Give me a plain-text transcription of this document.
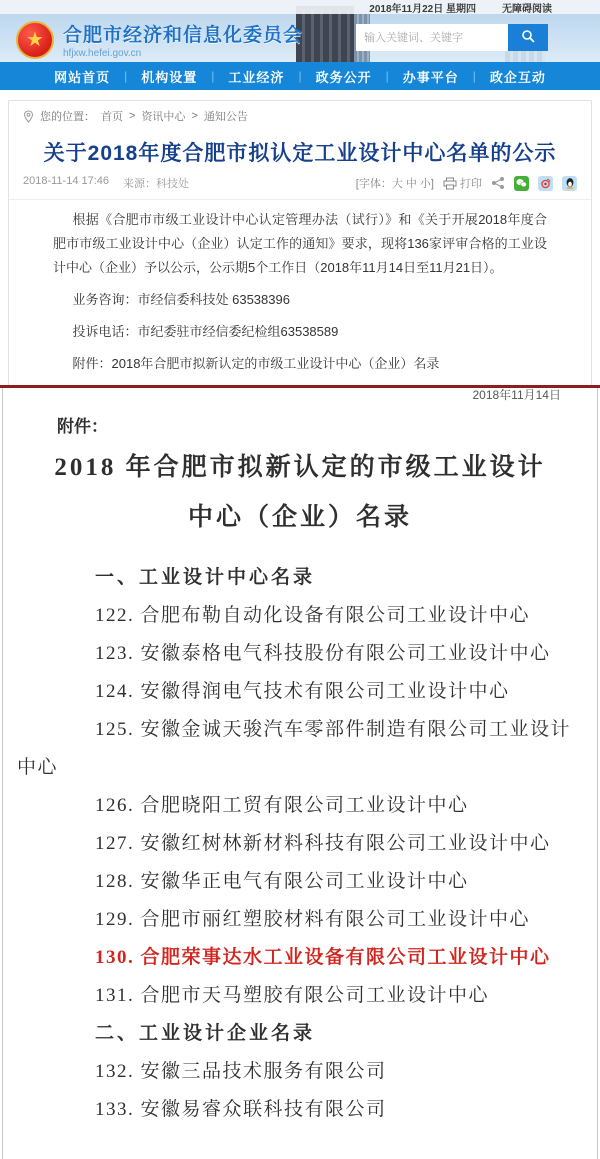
2018年11月22日 星期四	无障碍阅读
★	合肥市经济和信息化委员会
hfjxw.hefei.gov.cn
输入关键词、关键字
网站首页	|	机构设置	|	工业经济	|	政务公开	|	办事平台	|	政企互动
您的位置： 首页 > 资讯中心 > 通知公告
关于2018年度合肥市拟认定工业设计中心名单的公示
2018-11-14 17:46 来源：科技处	[字体：大 中 小] 打印

根据《合肥市市级工业设计中心认定管理办法（试行）》和《关于开展2018年度合肥市市级工业设计中心（企业）认定工作的通知》要求，现将136家评审合格的工业设计中心（企业）予以公示，公示期5个工作日（2018年11月14日至11月21日）。

业务咨询：市经信委科技处 63538396

投诉电话：市纪委驻市经信委纪检组63538589

附件：2018年合肥市拟新认定的市级工业设计中心（企业）名录

2018年11月14日

附件：

2018 年合肥市拟新认定的市级工业设计
中心（企业）名录

一、工业设计中心名录

122. 合肥布勒自动化设备有限公司工业设计中心

123. 安徽泰格电气科技股份有限公司工业设计中心

124. 安徽得润电气技术有限公司工业设计中心

125. 安徽金诚天骏汽车零部件制造有限公司工业设计中心

126. 合肥晓阳工贸有限公司工业设计中心

127. 安徽红树林新材料科技有限公司工业设计中心

128. 安徽华正电气有限公司工业设计中心

129. 合肥市丽红塑胶材料有限公司工业设计中心

130. 合肥荣事达水工业设备有限公司工业设计中心

131. 合肥市天马塑胶有限公司工业设计中心

二、工业设计企业名录

132. 安徽三品技术服务有限公司

133. 安徽易睿众联科技有限公司
